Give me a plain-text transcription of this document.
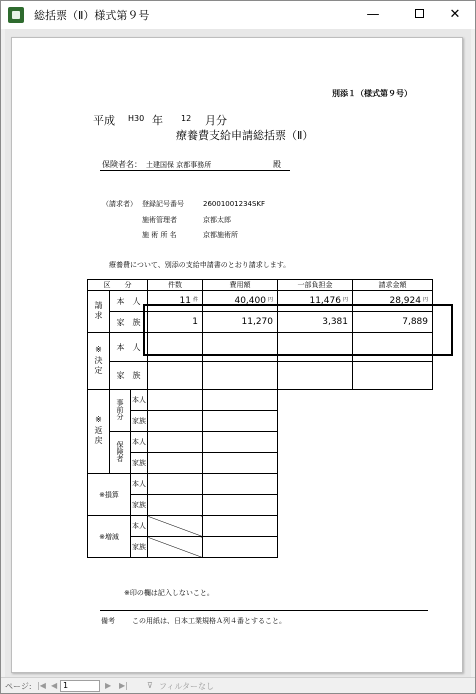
総括票（Ⅱ）様式第９号	—	✕
別添１（様式第９号）
平成 H30 年 12 月分
療養費支給申請総括票（Ⅱ）
保険者名： 土建国保 京都事務所	殿
（請求者） 登録記号番号	26001001234SKF
施術管理者	京都太郎
施 術 所 名	京都施術所
療養費について、別添の支給申請書のとおり請求します。
区　　分			件数	費用額	一部負担金	請求金額
請求	本　人		11 $^件$	40,400 $^円$	11,476 $^円$	28,924 $^円$
	家　族		1	11,270	3,381	7,889
※決定	本　人					
	家　族					
※返戻	事前分	本人				
		家族				
	保険者	本人				
		家族				
※損算		本人				
		家族				
※増減		本人				
		家族				
※印の欄は記入しないこと。
備考 この用紙は、日本工業規格Ａ列４番とすること。
ページ: |◀ ◀ 1	▶ ▶| ⊽ フィルターなし
